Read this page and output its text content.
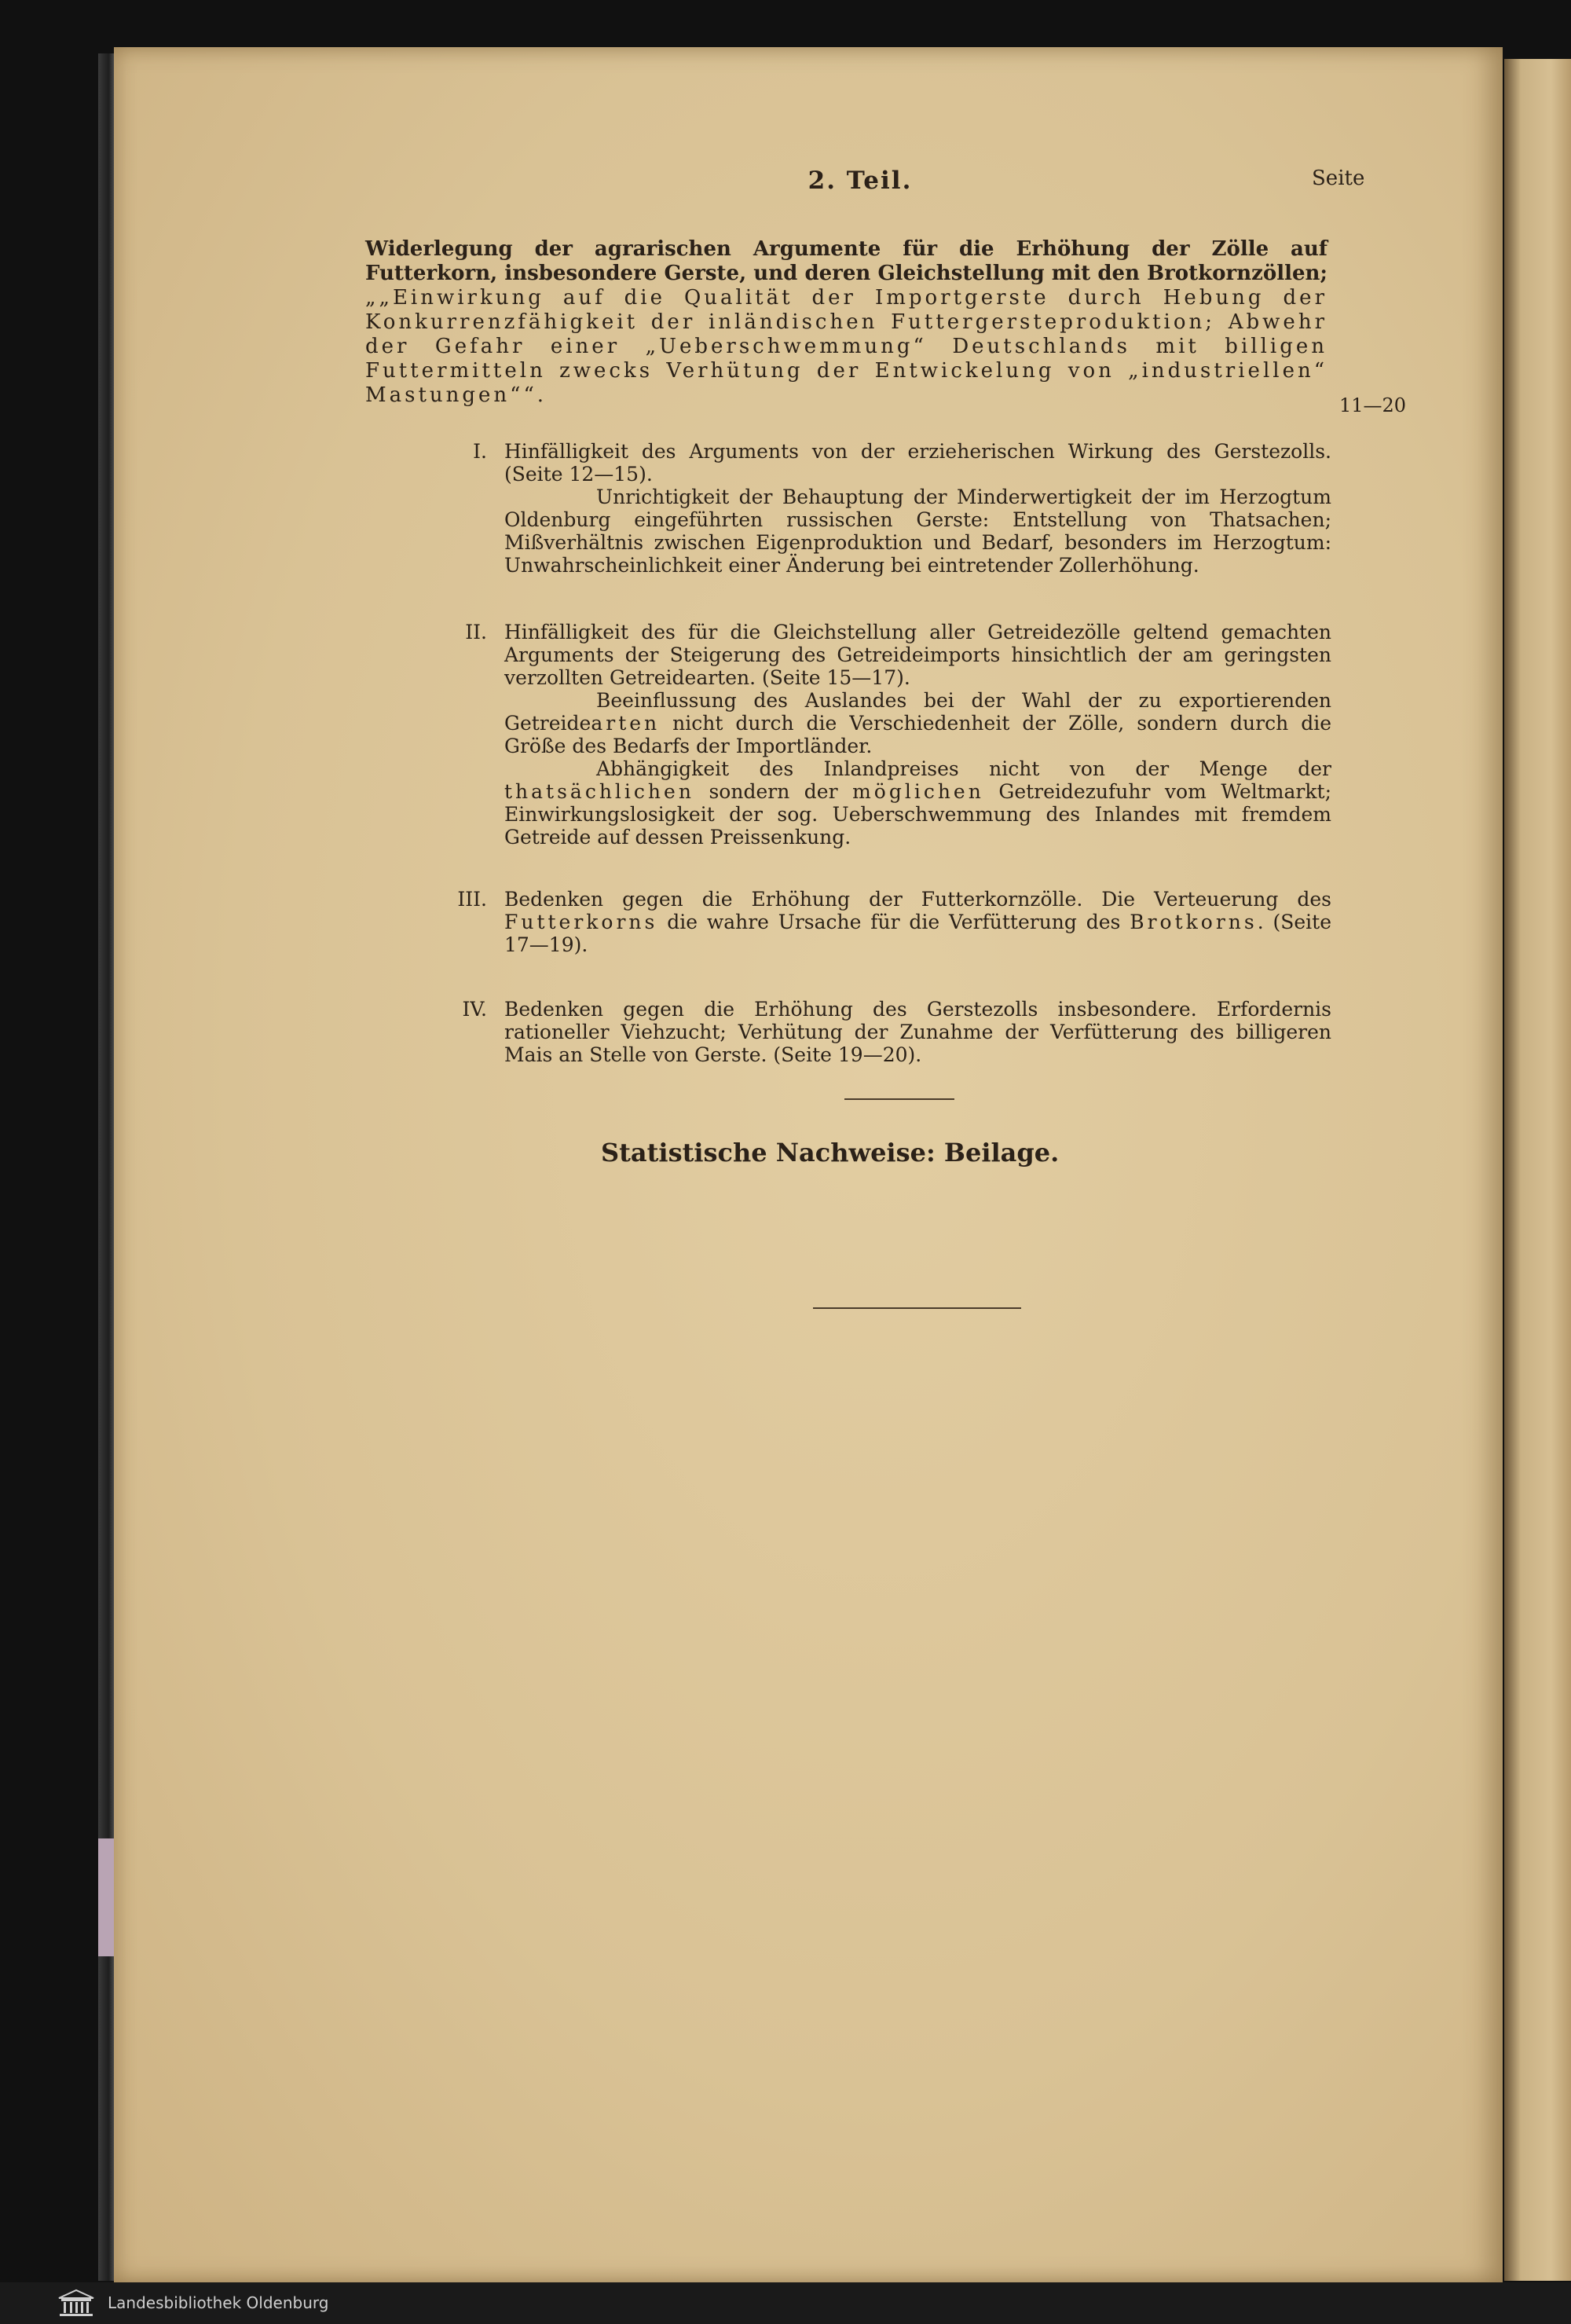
2. Teil.	Seite
Widerlegung der agrarischen Argumente für die Erhöhung der Zölle auf Futterkorn, insbesondere Gerste, und deren Gleichstellung mit den Brotkornzöllen; „„Einwirkung auf die Qualität der Importgerste durch Hebung der Konkurrenzfähigkeit der inländischen Futtergersteproduktion; Abwehr der Gefahr einer „Ueberschwemmung“ Deutschlands mit billigen Futtermitteln zwecks Verhütung der Entwickelung von „industriellen“ Mastungen““.	11—20
I. Hinfälligkeit des Arguments von der erzieherischen Wirkung des Gerstezolls. (Seite 12—15).

Unrichtigkeit der Behauptung der Minderwertigkeit der im Herzogtum Oldenburg eingeführten russischen Gerste: Entstellung von Thatsachen; Mißverhältnis zwischen Eigenproduktion und Bedarf, besonders im Herzogtum: Unwahrscheinlichkeit einer Änderung bei eintretender Zollerhöhung.

II. Hinfälligkeit des für die Gleichstellung aller Getreidezölle geltend gemachten Arguments der Steigerung des Getreideimports hinsichtlich der am geringsten verzollten Getreidearten. (Seite 15—17).

Beeinflussung des Auslandes bei der Wahl der zu exportierenden Getreidearten nicht durch die Verschiedenheit der Zölle, sondern durch die Größe des Bedarfs der Importländer.

Abhängigkeit des Inlandpreises nicht von der Menge der thatsächlichen sondern der möglichen Getreidezufuhr vom Weltmarkt; Einwirkungslosigkeit der sog. Ueberschwemmung des Inlandes mit fremdem Getreide auf dessen Preissenkung.

III. Bedenken gegen die Erhöhung der Futterkornzölle. Die Verteuerung des Futterkorns die wahre Ursache für die Verfütterung des Brotkorns. (Seite 17—19).

IV. Bedenken gegen die Erhöhung des Gerstezolls insbesondere. Erfordernis rationeller Viehzucht; Verhütung der Zunahme der Verfütterung des billigeren Mais an Stelle von Gerste. (Seite 19—20).

Statistische Nachweise: Beilage.
Landesbibliothek Oldenburg
